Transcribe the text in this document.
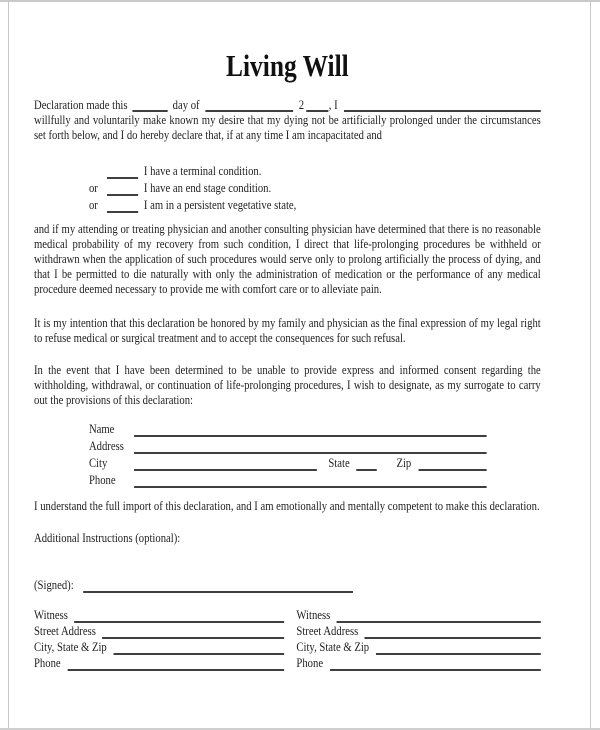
Living Will
Declaration made this	day of	2 , I
willfully and voluntarily make known my desire that my dying not be artificially prolonged under the circumstances set forth below, and I do hereby declare that, if at any time I am incapacitated and
I have a terminal condition.
or	I have an end stage condition.
or	I am in a persistent vegetative state,
and if my attending or treating physician and another consulting physician have determined that there is no reasonable medical probability of my recovery from such condition, I direct that life-prolonging procedures be withheld or withdrawn when the application of such procedures would serve only to prolong artificially the process of dying, and that I be permitted to die naturally with only the administration of medication or the performance of any medical procedure deemed necessary to provide me with comfort care or to alleviate pain.
It is my intention that this declaration be honored by my family and physician as the final expression of my legal right to refuse medical or surgical treatment and to accept the consequences for such refusal.
In the event that I have been determined to be unable to provide express and informed consent regarding the withholding, withdrawal, or continuation of life-prolonging procedures, I wish to designate, as my surrogate to carry out the provisions of this declaration:
Name
Address
City	State	Zip
Phone
I understand the full import of this declaration, and I am emotionally and mentally competent to make this declaration.
Additional Instructions (optional):
(Signed):
Witness
Street Address
City, State & Zip
Phone
Witness
Street Address
City, State & Zip
Phone
